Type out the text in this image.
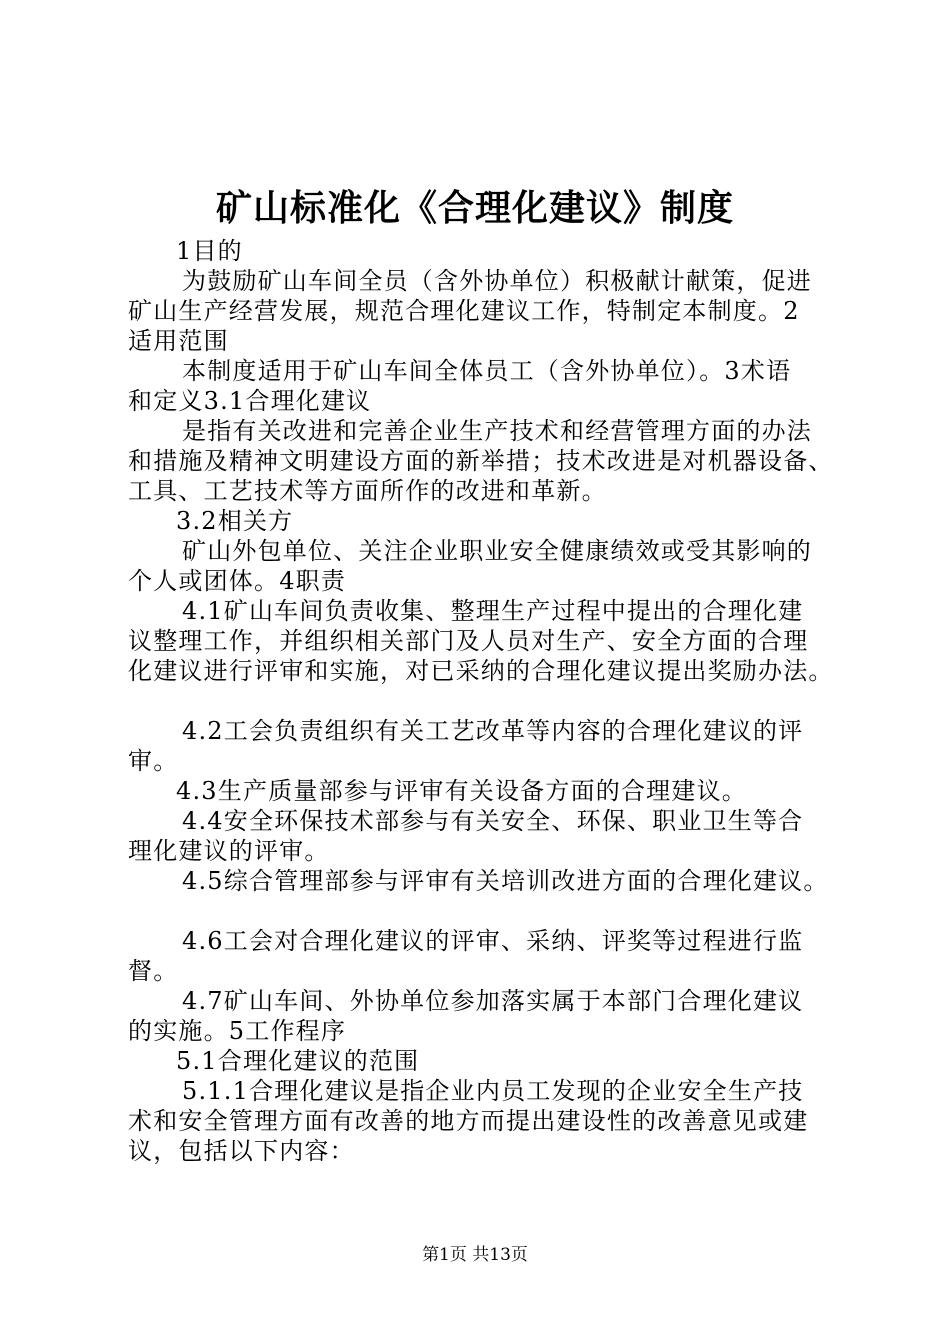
矿山标准化《合理化建议》制度
1目的
为鼓励矿山车间全员（含外协单位）积极献计献策，促进
矿山生产经营发展，规范合理化建议工作，特制定本制度。2
适用范围
本制度适用于矿山车间全体员工（含外协单位）。3术语
和定义3.1合理化建议
是指有关改进和完善企业生产技术和经营管理方面的办法
和措施及精神文明建设方面的新举措；技术改进是对机器设备、
工具、工艺技术等方面所作的改进和革新。
3.2相关方
矿山外包单位、关注企业职业安全健康绩效或受其影响的
个人或团体。4职责
4.1矿山车间负责收集、整理生产过程中提出的合理化建
议整理工作，并组织相关部门及人员对生产、安全方面的合理
化建议进行评审和实施，对已采纳的合理化建议提出奖励办法。
4.2工会负责组织有关工艺改革等内容的合理化建议的评
审。
4.3生产质量部参与评审有关设备方面的合理建议。
4.4安全环保技术部参与有关安全、环保、职业卫生等合
理化建议的评审。
4.5综合管理部参与评审有关培训改进方面的合理化建议。
4.6工会对合理化建议的评审、采纳、评奖等过程进行监
督。
4.7矿山车间、外协单位参加落实属于本部门合理化建议
的实施。5工作程序
5.1合理化建议的范围
5.1.1合理化建议是指企业内员工发现的企业安全生产技
术和安全管理方面有改善的地方而提出建设性的改善意见或建
议，包括以下内容：
第1页 共13页
